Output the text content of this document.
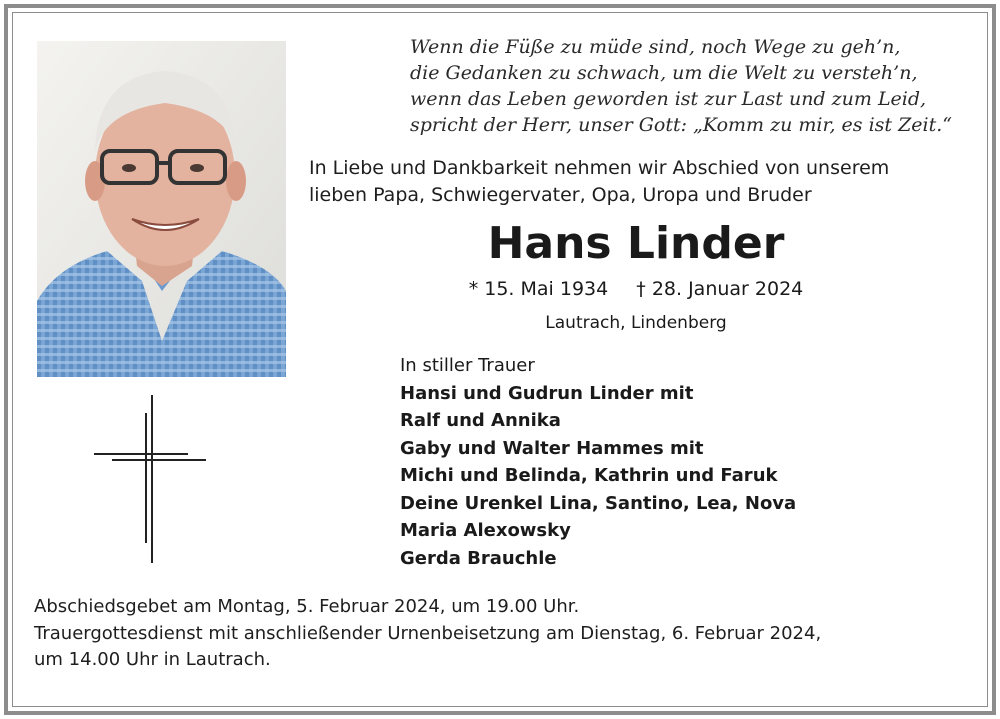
Wenn die Füße zu müde sind, noch Wege zu geh’n,
die Gedanken zu schwach, um die Welt zu versteh’n,
wenn das Leben geworden ist zur Last und zum Leid,
spricht der Herr, unser Gott: „Komm zu mir, es ist Zeit.“
In Liebe und Dankbarkeit nehmen wir Abschied von unserem
lieben Papa, Schwiegervater, Opa, Uropa und Bruder
Hans Linder
* 15. Mai 1934 † 28. Januar 2024
Lautrach, Lindenberg
In stiller Trauer
Hansi und Gudrun Linder mit
Ralf und Annika
Gaby und Walter Hammes mit
Michi und Belinda, Kathrin und Faruk
Deine Urenkel Lina, Santino, Lea, Nova
Maria Alexowsky
Gerda Brauchle
Abschiedsgebet am Montag, 5. Februar 2024, um 19.00 Uhr.
Trauergottesdienst mit anschließender Urnenbeisetzung am Dienstag, 6. Februar 2024,
um 14.00 Uhr in Lautrach.
